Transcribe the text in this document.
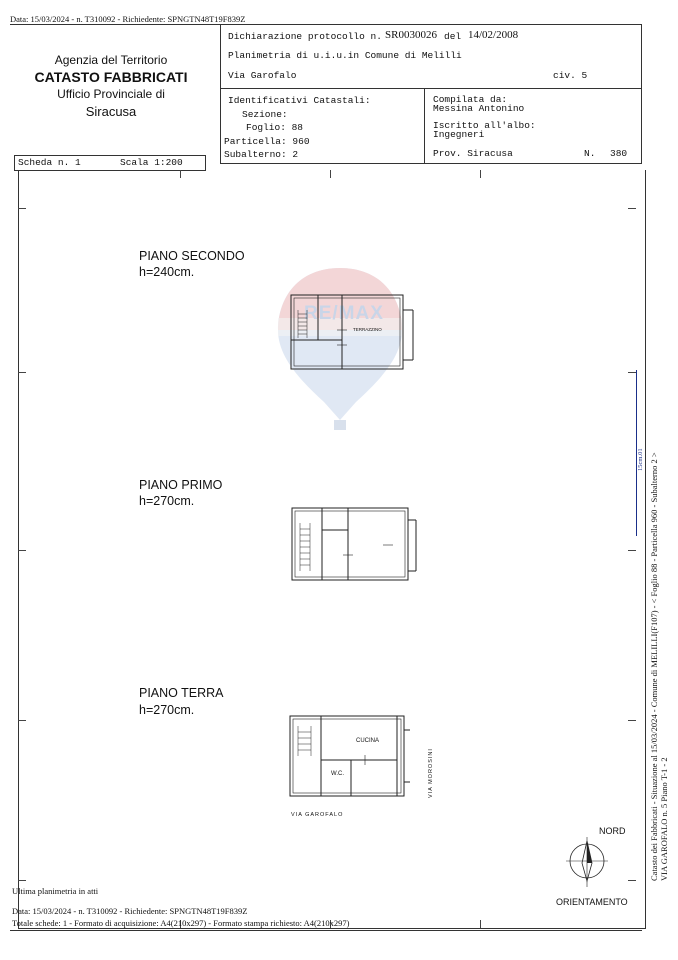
Data: 15/03/2024 - n. T310092 - Richiedente: SPNGTN48T19F839Z
Agenzia del Territorio
CATASTO FABBRICATI
Ufficio Provinciale di
Siracusa
Dichiarazione protocollo n. SR0030026 del 14/02/2008
Planimetria di u.i.u.in Comune di Melilli
Via Garofalo	civ. 5
Identificativi Catastali:
Sezione:
Foglio: 88
Particella: 960
Subalterno: 2
Compilata da:
Messina Antonino
Iscritto all'albo:
Ingegneri
Prov. Siracusa	N. 380
Scheda n. 1	Scala 1:200
RE/MAX
PIANO SECONDO
h=240cm.
TERRAZZINO
PIANO PRIMO
h=270cm.
PIANO TERRA
h=270cm.
CUCINA
W.C.
VIA GAROFALO
VIA MOROSINI
NORD
ORIENTAMENTO
Ultima planimetria in atti
Data: 15/03/2024 - n. T310092 - Richiedente: SPNGTN48T19F839Z
Totale schede: 1 - Formato di acquisizione: A4(210x297) - Formato stampa richiesto: A4(210x297)
15cm.01 Catasto dei Fabbricati - Situazione al 15/03/2024 - Comune di MELILLI(F107) - < Foglio 88 - Particella 960 - Subalterno 2 > VIA GAROFALO n. 5 Piano T-1 - 2
